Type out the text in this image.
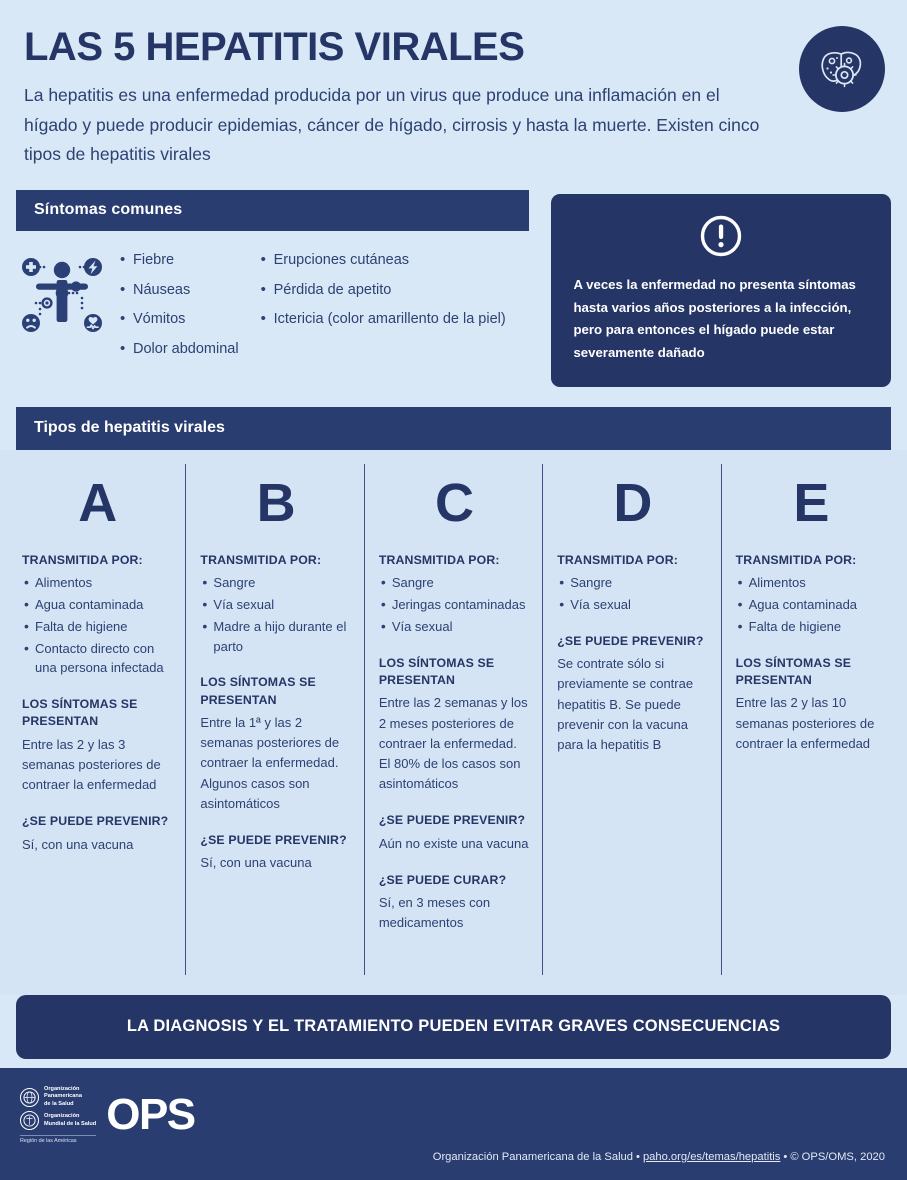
LAS 5 HEPATITIS VIRALES

La hepatitis es una enfermedad producida por un virus que produce una inflamación en el hígado y puede producir epidemias, cáncer de hígado, cirrosis y hasta la muerte. Existen cinco tipos de hepatitis virales

Síntomas comunes
• Fiebre
• Náuseas
• Vómitos
• Dolor abdominal
• Erupciones cutáneas
• Pérdida de apetito
• Ictericia (color amarillento de la piel)
A veces la enfermedad no presenta síntomas hasta varios años posteriores a la infección, pero para entonces el hígado puede estar severamente dañado
Tipos de hepatitis virales
A
TRANSMITIDA POR:
• Alimentos
• Agua contaminada
• Falta de higiene
• Contacto directo con una persona infectada
LOS SÍNTOMAS SE PRESENTAN
Entre las 2 y las 3 semanas posteriores de contraer la enfermedad
¿SE PUEDE PREVENIR?
Sí, con una vacuna
B
TRANSMITIDA POR:
• Sangre
• Vía sexual
• Madre a hijo durante el parto
LOS SÍNTOMAS SE PRESENTAN
Entre la 1ª y las 2 semanas posteriores de contraer la enfermedad. Algunos casos son asintomáticos
¿SE PUEDE PREVENIR?
Sí, con una vacuna
C
TRANSMITIDA POR:
• Sangre
• Jeringas contaminadas
• Vía sexual
LOS SÍNTOMAS SE PRESENTAN
Entre las 2 semanas y los 2 meses posteriores de contraer la enfermedad. El 80% de los casos son asintomáticos
¿SE PUEDE PREVENIR?
Aún no existe una vacuna
¿SE PUEDE CURAR?
Sí, en 3 meses con medicamentos
D
TRANSMITIDA POR:
• Sangre
• Vía sexual
¿SE PUEDE PREVENIR?
Se contrate sólo si previamente se contrae hepatitis B. Se puede prevenir con la vacuna para la hepatitis B
E
TRANSMITIDA POR:
• Alimentos
• Agua contaminada
• Falta de higiene
LOS SÍNTOMAS SE PRESENTAN
Entre las 2 y las 10 semanas posteriores de contraer la enfermedad
LA DIAGNOSIS Y EL TRATAMIENTO PUEDEN EVITAR GRAVES CONSECUENCIAS
Organización
Panamericana
de la Salud
Organización
Mundial de la Salud
Región de las Américas
OPS
Organización Panamericana de la Salud • paho.org/es/temas/hepatitis • © OPS/OMS, 2020
